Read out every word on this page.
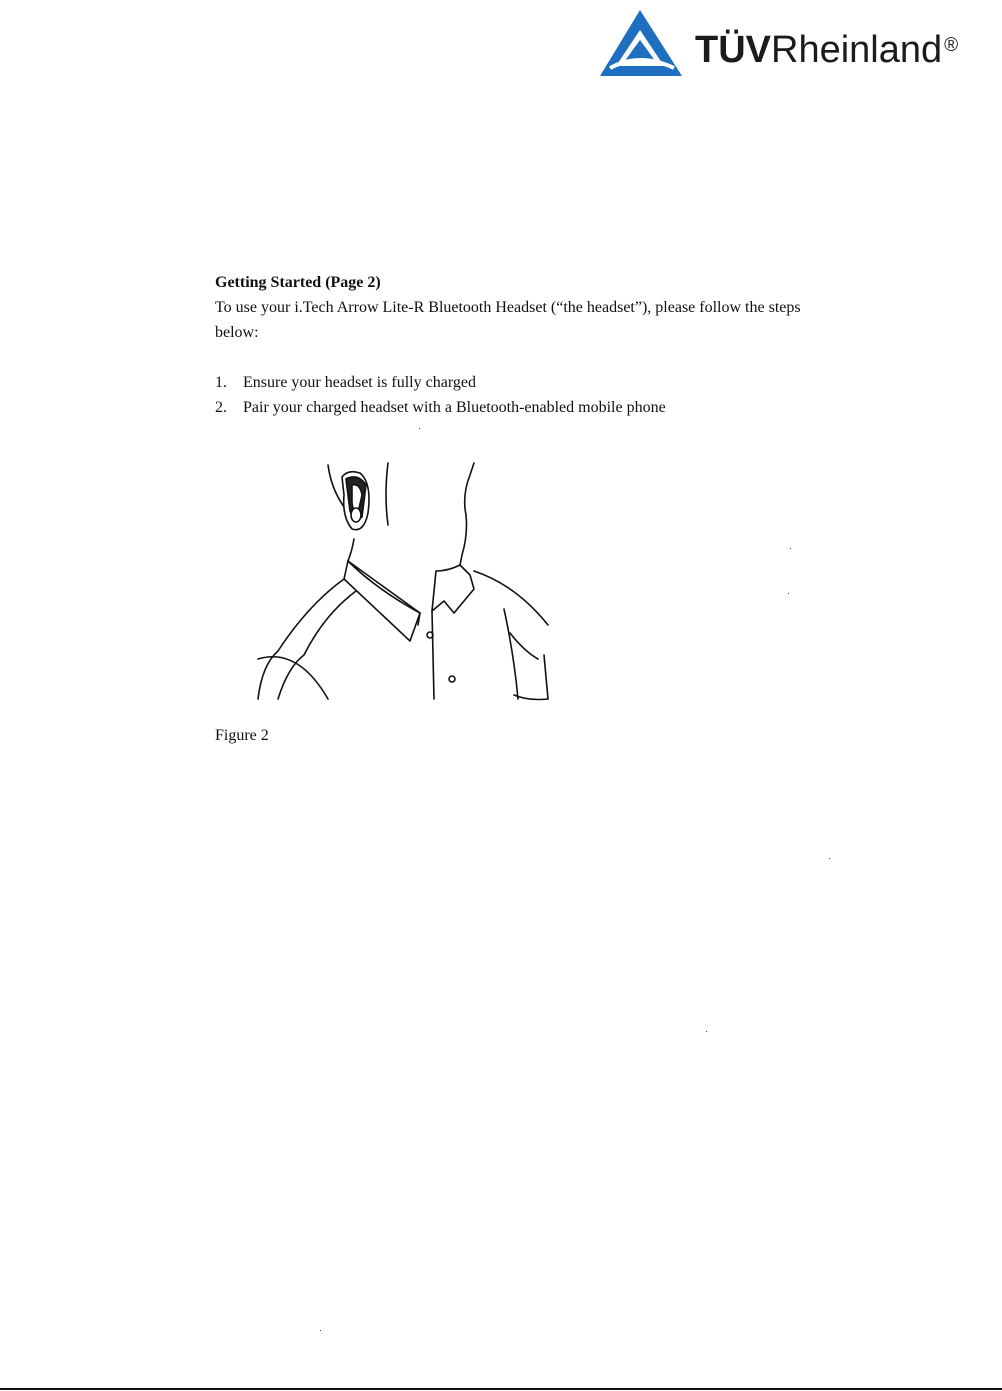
TÜVRheinland ®

Getting Started (Page 2)

To use your i.Tech Arrow Lite-R Bluetooth Headset (“the headset”), please follow the steps below:

1.	Ensure your headset is fully charged
2.	Pair your charged headset with a Bluetooth-enabled mobile phone
Figure 2
